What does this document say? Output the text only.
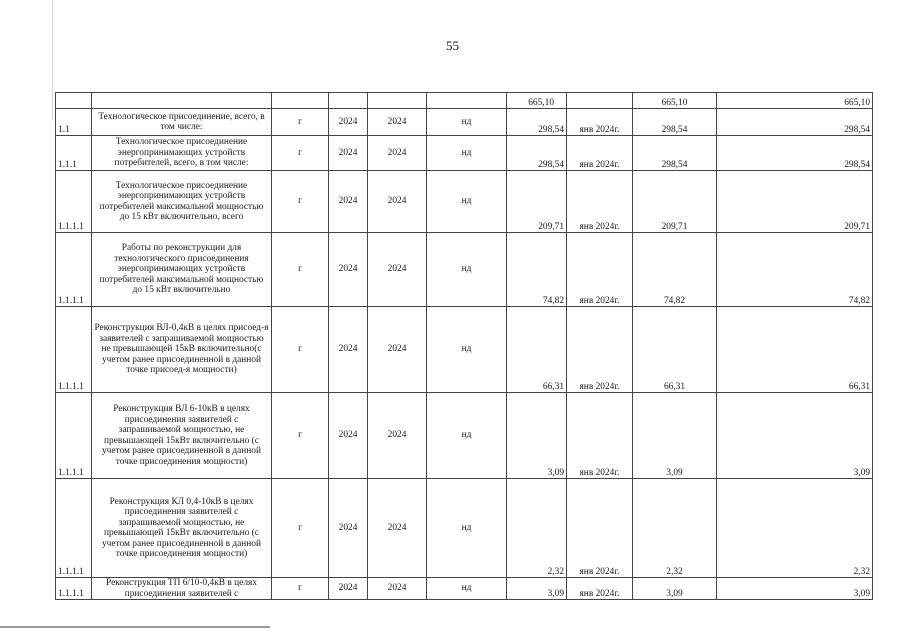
55
						665,10		665,10	665,10
1.1	Технологическое присоединение, всего, в том числе:	г	2024	2024	нд	298,54	янв 2024г.	298,54	298,54
1.1.1	Технологическое присоединение энергопринимающих устройств потребителей, всего, в том числе:	г	2024	2024	нд	298,54	янв 2024г.	298,54	298,54
1.1.1.1	Технологическое присоединение энергопринимающих устройств потребителей максимальной мощностью до 15 кВт включительно, всего	г	2024	2024	нд	209,71	янв 2024г.	209,71	209,71
1.1.1.1	Работы по реконструкции для технологического присоединения энергопринимающих устройств потребителей максимальной мощностью до 15 кВт включительно	г	2024	2024	нд	74,82	янв 2024г.	74,82	74,82
1.1.1.1	Реконструкция ВЛ-0,4кВ в целях присоед-я заявителей с запрашиваемой мощностью не превышающей 15кВ включительно(с учетом ранее присоединенной в данной точке присоед-я мощности)	г	2024	2024	нд	66,31	янв 2024г.	66,31	66,31
1.1.1.1	Реконструкция ВЛ 6-10кВ в целях присоединения заявителей с запрашиваемой мощностью, не превышающей 15кВт включительно (с учетом ранее присоединенной в данной точке присоединения мощности)	г	2024	2024	нд	3,09	янв 2024г.	3,09	3,09
1.1.1.1	Реконструкция КЛ 0,4-10кВ в целях присоединения заявителей с запрашиваемой мощностью, не превышающей 15кВт включительно (с учетом ранее присоединенной в данной точке присоединения мощности)	г	2024	2024	нд	2,32	янв 2024г.	2,32	2,32
1.1.1.1	Реконструкция ТП 6/10-0,4кВ в целях присоединения заявителей с	г	2024	2024	нд	3,09	янв 2024г.	3,09	3,09
